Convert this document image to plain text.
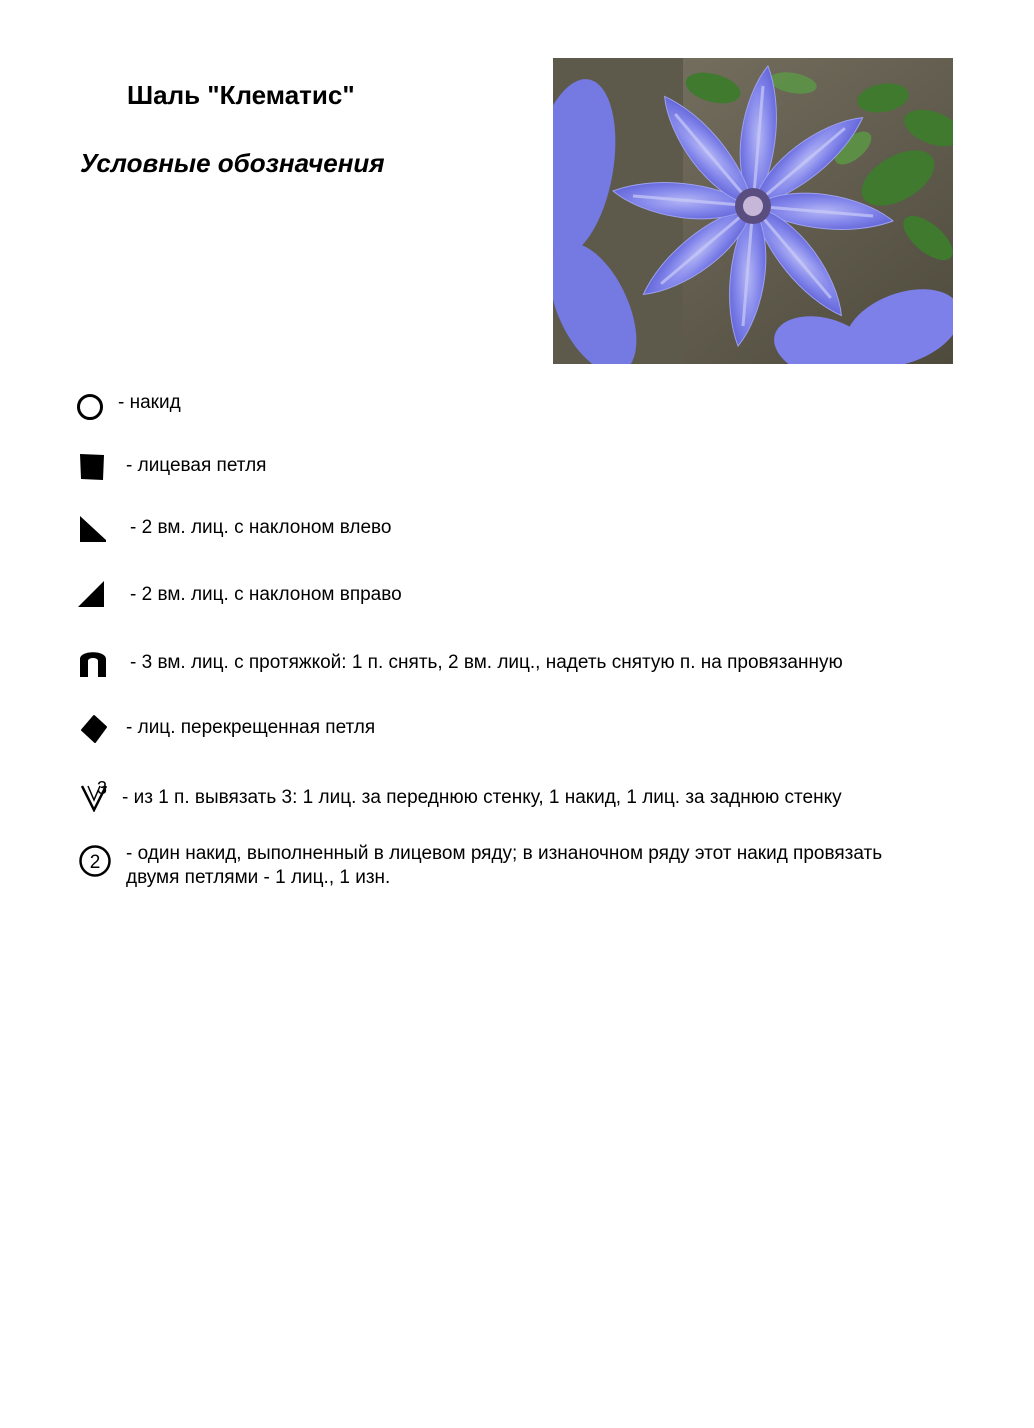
Шаль "Клематис"
Условные обозначения
- накид
- лицевая петля
- 2 вм. лиц. с наклоном влево
- 2 вм. лиц. с наклоном вправо
- 3 вм. лиц. с протяжкой: 1 п. снять, 2 вм. лиц., надеть снятую п. на провязанную
- лиц. перекрещенная петля
3 - из 1 п. вывязать 3: 1 лиц. за переднюю стенку, 1 накид, 1 лиц. за заднюю стенку
2 - один накид, выполненный в лицевом ряду; в изнаночном ряду этот накид провязать двумя петлями - 1 лиц., 1 изн.
